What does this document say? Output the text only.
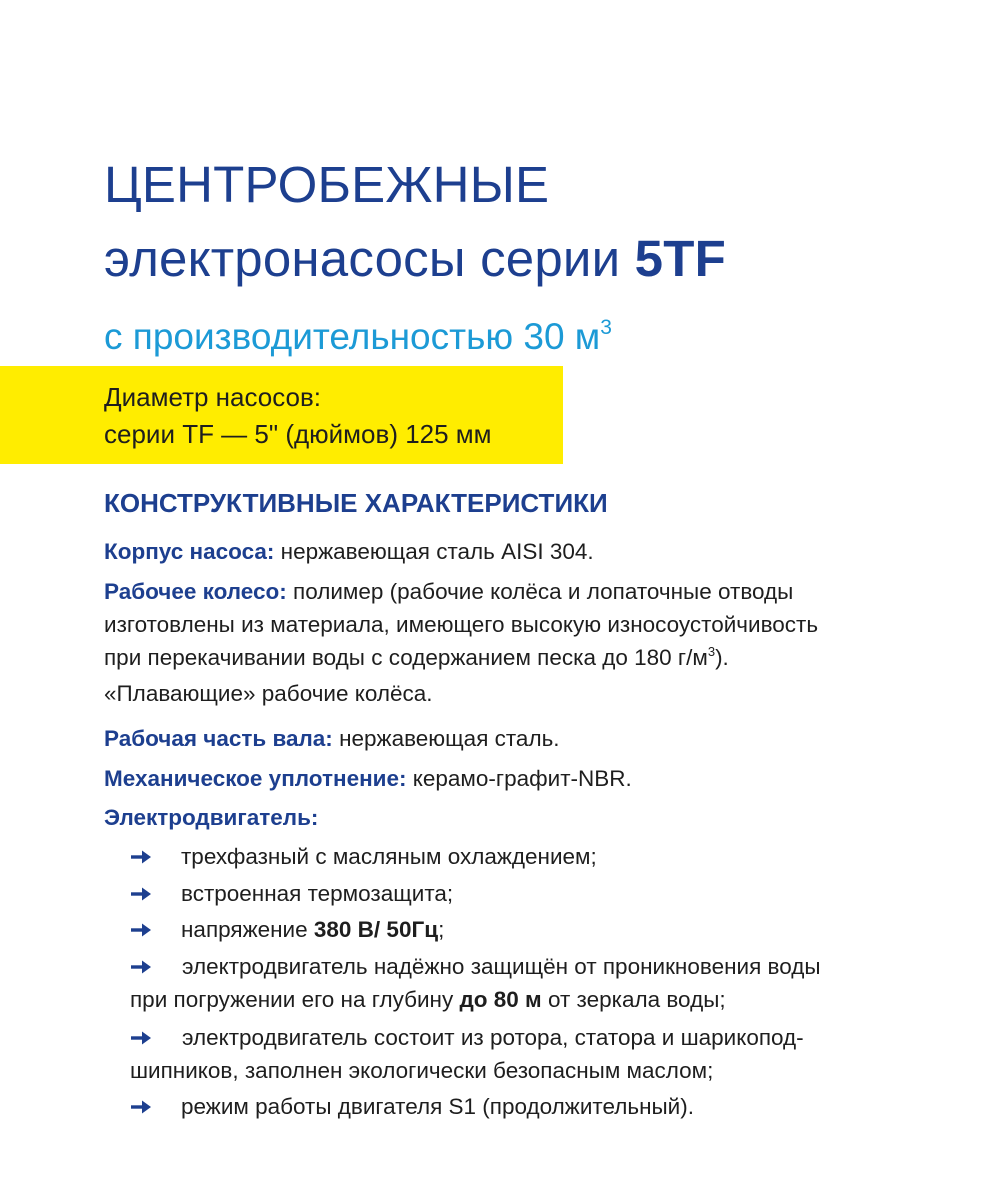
ЦЕНТРОБЕЖНЫЕ
электронасосы серии 5TF
с производительностью 30 $м^3$
Диаметр насосов:
серии TF — 5" (дюймов) 125 мм
КОНСТРУКТИВНЫЕ ХАРАКТЕРИСТИКИ
Корпус насоса: нержавеющая сталь AISI 304.
Рабочее колесо: полимер (рабочие колёса и лопаточные отводы
изготовлены из материала, имеющего высокую износоустойчивость
при перекачивании воды с содержанием песка до 180 $г/м^3$).
«Плавающие» рабочие колёса.
Рабочая часть вала: нержавеющая сталь.
Механическое уплотнение: керамо-графит-NBR.
Электродвигатель:
трехфазный с масляным охлаждением;
встроенная термозащита;
напряжение 380 В/ 50Гц;
электродвигатель надёжно защищён от проникновения воды
при погружении его на глубину до 80 м от зеркала воды;
электродвигатель состоит из ротора, статора и шарикопод-
шипников, заполнен экологически безопасным маслом;
режим работы двигателя S1 (продолжительный).
